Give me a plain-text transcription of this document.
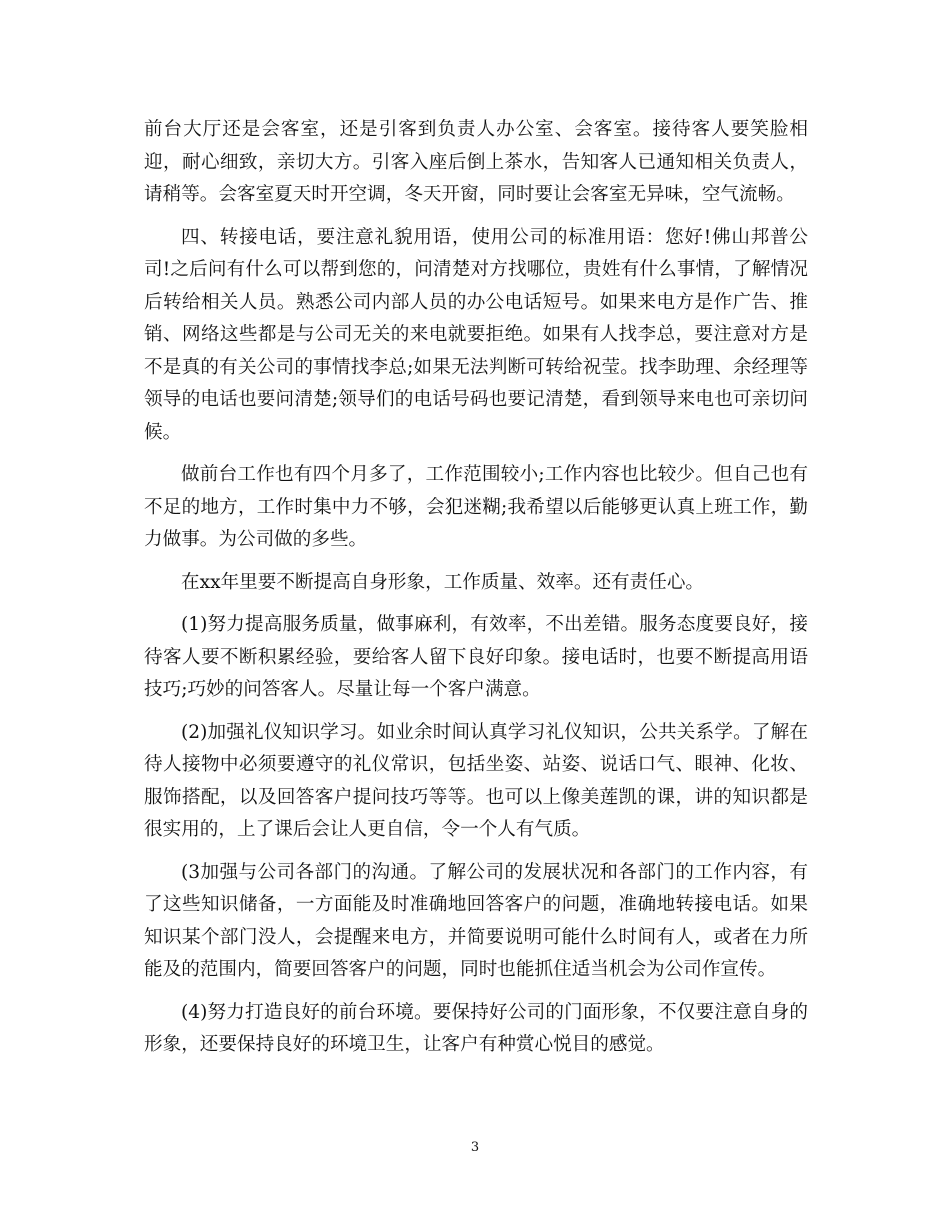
前台大厅还是会客室，还是引客到负责人办公室、会客室。接待客人要笑脸相迎，耐心细致，亲切大方。引客入座后倒上茶水，告知客人已通知相关负责人，请稍等。会客室夏天时开空调，冬天开窗，同时要让会客室无异味，空气流畅。

四、转接电话，要注意礼貌用语，使用公司的标准用语：您好!佛山邦普公司!之后问有什么可以帮到您的，问清楚对方找哪位，贵姓有什么事情，了解情况后转给相关人员。熟悉公司内部人员的办公电话短号。如果来电方是作广告、推销、网络这些都是与公司无关的来电就要拒绝。如果有人找李总，要注意对方是不是真的有关公司的事情找李总;如果无法判断可转给祝莹。找李助理、余经理等领导的电话也要问清楚;领导们的电话号码也要记清楚，看到领导来电也可亲切问候。

做前台工作也有四个月多了，工作范围较小;工作内容也比较少。但自己也有不足的地方，工作时集中力不够，会犯迷糊;我希望以后能够更认真上班工作，勤力做事。为公司做的多些。

在xx年里要不断提高自身形象，工作质量、效率。还有责任心。

(1)努力提高服务质量，做事麻利，有效率，不出差错。服务态度要良好，接待客人要不断积累经验，要给客人留下良好印象。接电话时，也要不断提高用语技巧;巧妙的问答客人。尽量让每一个客户满意。

(2)加强礼仪知识学习。如业余时间认真学习礼仪知识，公共关系学。了解在待人接物中必须要遵守的礼仪常识，包括坐姿、站姿、说话口气、眼神、化妆、服饰搭配，以及回答客户提问技巧等等。也可以上像美莲凯的课，讲的知识都是很实用的，上了课后会让人更自信，令一个人有气质。

(3加强与公司各部门的沟通。了解公司的发展状况和各部门的工作内容，有了这些知识储备，一方面能及时准确地回答客户的问题，准确地转接电话。如果知识某个部门没人，会提醒来电方，并简要说明可能什么时间有人，或者在力所能及的范围内，简要回答客户的问题，同时也能抓住适当机会为公司作宣传。

(4)努力打造良好的前台环境。要保持好公司的门面形象，不仅要注意自身的形象，还要保持良好的环境卫生，让客户有种赏心悦目的感觉。

3
